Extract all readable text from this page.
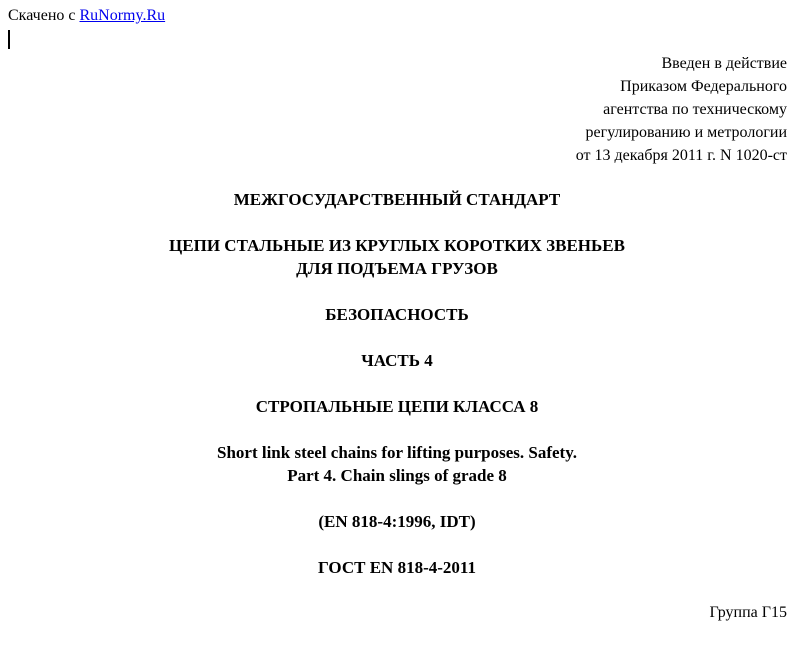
Скачено с RuNormy.Ru
Введен в действие
Приказом Федерального
агентства по техническому
регулированию и метрологии
от 13 декабря 2011 г. N 1020-ст
МЕЖГОСУДАРСТВЕННЫЙ СТАНДАРТ
ЦЕПИ СТАЛЬНЫЕ ИЗ КРУГЛЫХ КОРОТКИХ ЗВЕНЬЕВ
ДЛЯ ПОДЪЕМА ГРУЗОВ
БЕЗОПАСНОСТЬ
ЧАСТЬ 4
СТРОПАЛЬНЫЕ ЦЕПИ КЛАССА 8
Short link steel chains for lifting purposes. Safety.
Part 4. Chain slings of grade 8
(EN 818-4:1996, IDT)
ГОСТ EN 818-4-2011
Группа Г15
